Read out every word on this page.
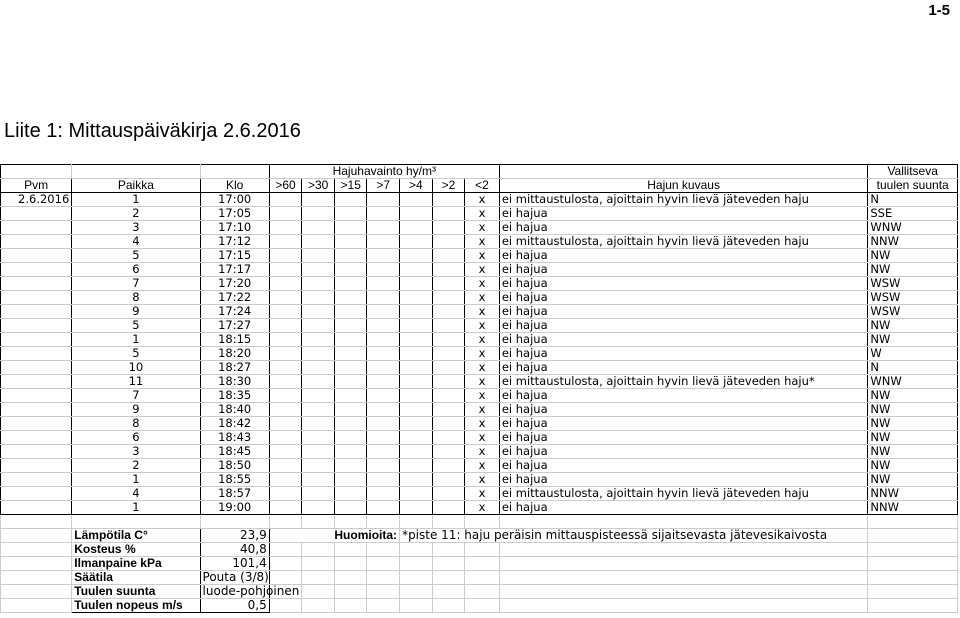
1-5
Liite 1: Mittauspäiväkirja 2.6.2016
			Hajuhavainto hy/m³								Vallitseva
Pvm	Paikka	Klo	>60	>30	>15	>7	>4	>2	<2	Hajun kuvaus	tuulen suunta
2.6.2016	1	17:00							x	ei mittaustulosta, ajoittain hyvin lievä jäteveden haju	N
	2	17:05							x	ei hajua	SSE
	3	17:10							x	ei hajua	WNW
	4	17:12							x	ei mittaustulosta, ajoittain hyvin lievä jäteveden haju	NNW
	5	17:15							x	ei hajua	NW
	6	17:17							x	ei hajua	NW
	7	17:20							x	ei hajua	WSW
	8	17:22							x	ei hajua	WSW
	9	17:24							x	ei hajua	WSW
	5	17:27							x	ei hajua	NW
	1	18:15							x	ei hajua	NW
	5	18:20							x	ei hajua	W
	10	18:27							x	ei hajua	N
	11	18:30							x	ei mittaustulosta, ajoittain hyvin lievä jäteveden haju*	WNW
	7	18:35							x	ei hajua	NW
	9	18:40							x	ei hajua	NW
	8	18:42							x	ei hajua	NW
	6	18:43							x	ei hajua	NW
	3	18:45							x	ei hajua	NW
	2	18:50							x	ei hajua	NW
	1	18:55							x	ei hajua	NW
	4	18:57							x	ei mittaustulosta, ajoittain hyvin lievä jäteveden haju	NNW
	1	19:00							x	ei hajua	NNW

	Lämpötila C°	23,9	Huomioita:				*piste 11: haju peräisin mittauspisteessä sijaitsevasta jätevesikaivosta				
	Kosteus %	40,8									
	Ilmanpaine kPa	101,4									
	Säätila	Pouta (3/8)									
	Tuulen suunta	luode-pohjoinen									
	Tuulen nopeus m/s	0,5									
